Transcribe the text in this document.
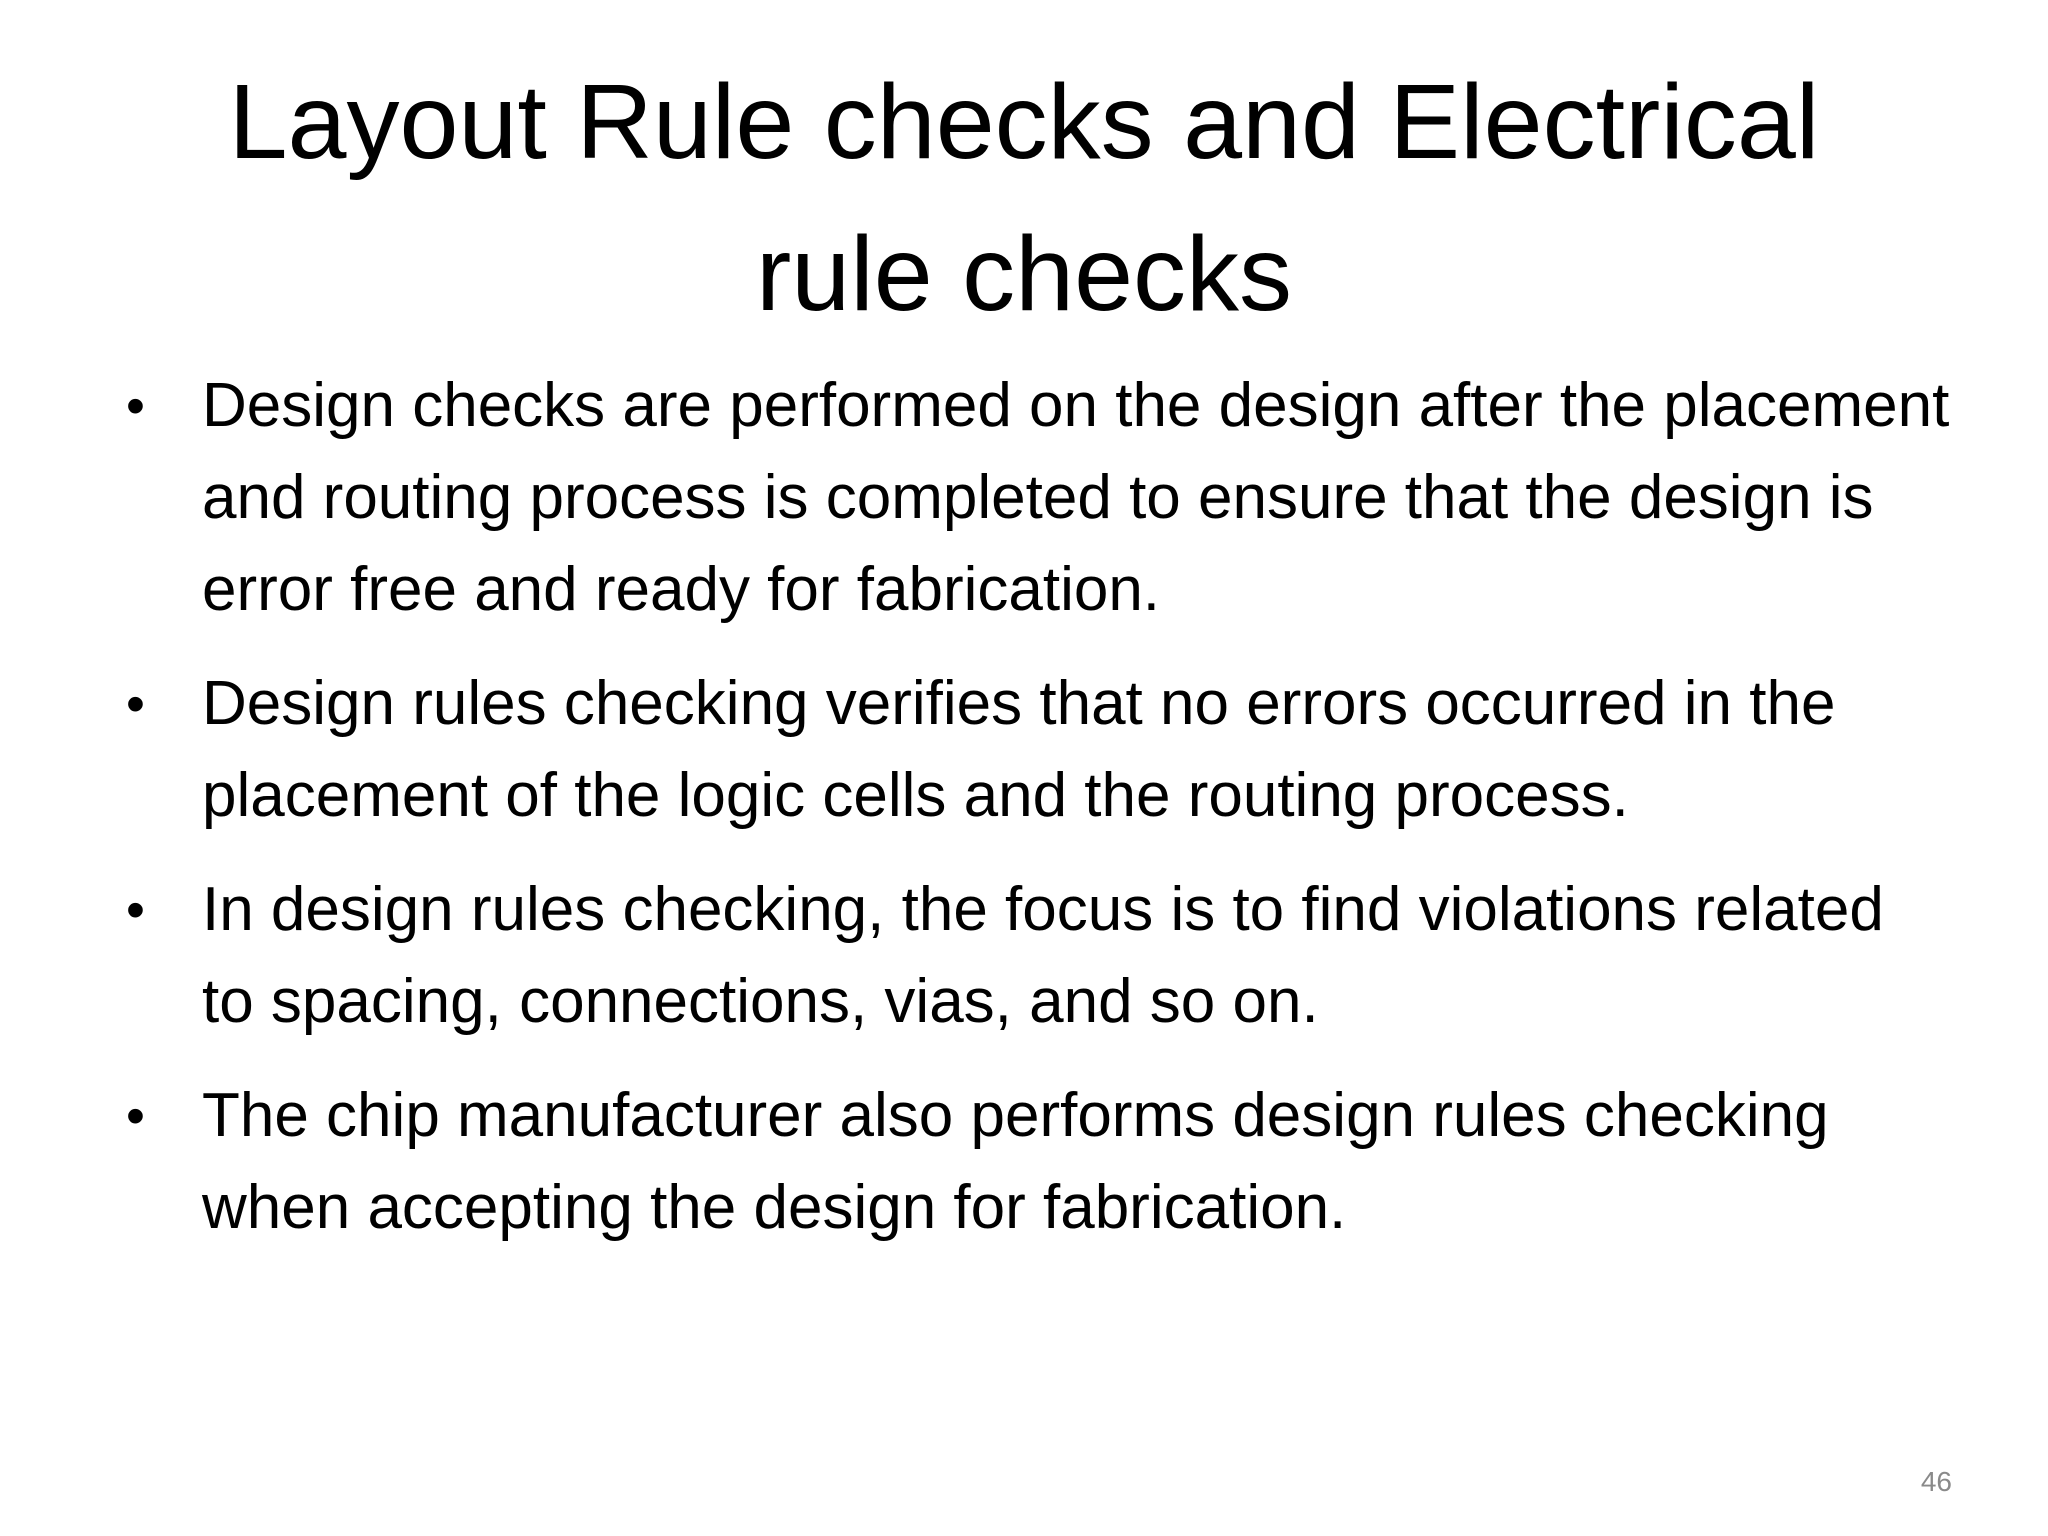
Layout Rule checks and Electrical
rule checks
• Design checks are performed on the design after the placement and routing process is completed to ensure that the design is error free and ready for fabrication.
• Design rules checking verifies that no errors occurred in the placement of the logic cells and the routing process.
• In design rules checking, the focus is to find violations related to spacing, connections, vias, and so on.
• The chip manufacturer also performs design rules checking when accepting the design for fabrication.
46
